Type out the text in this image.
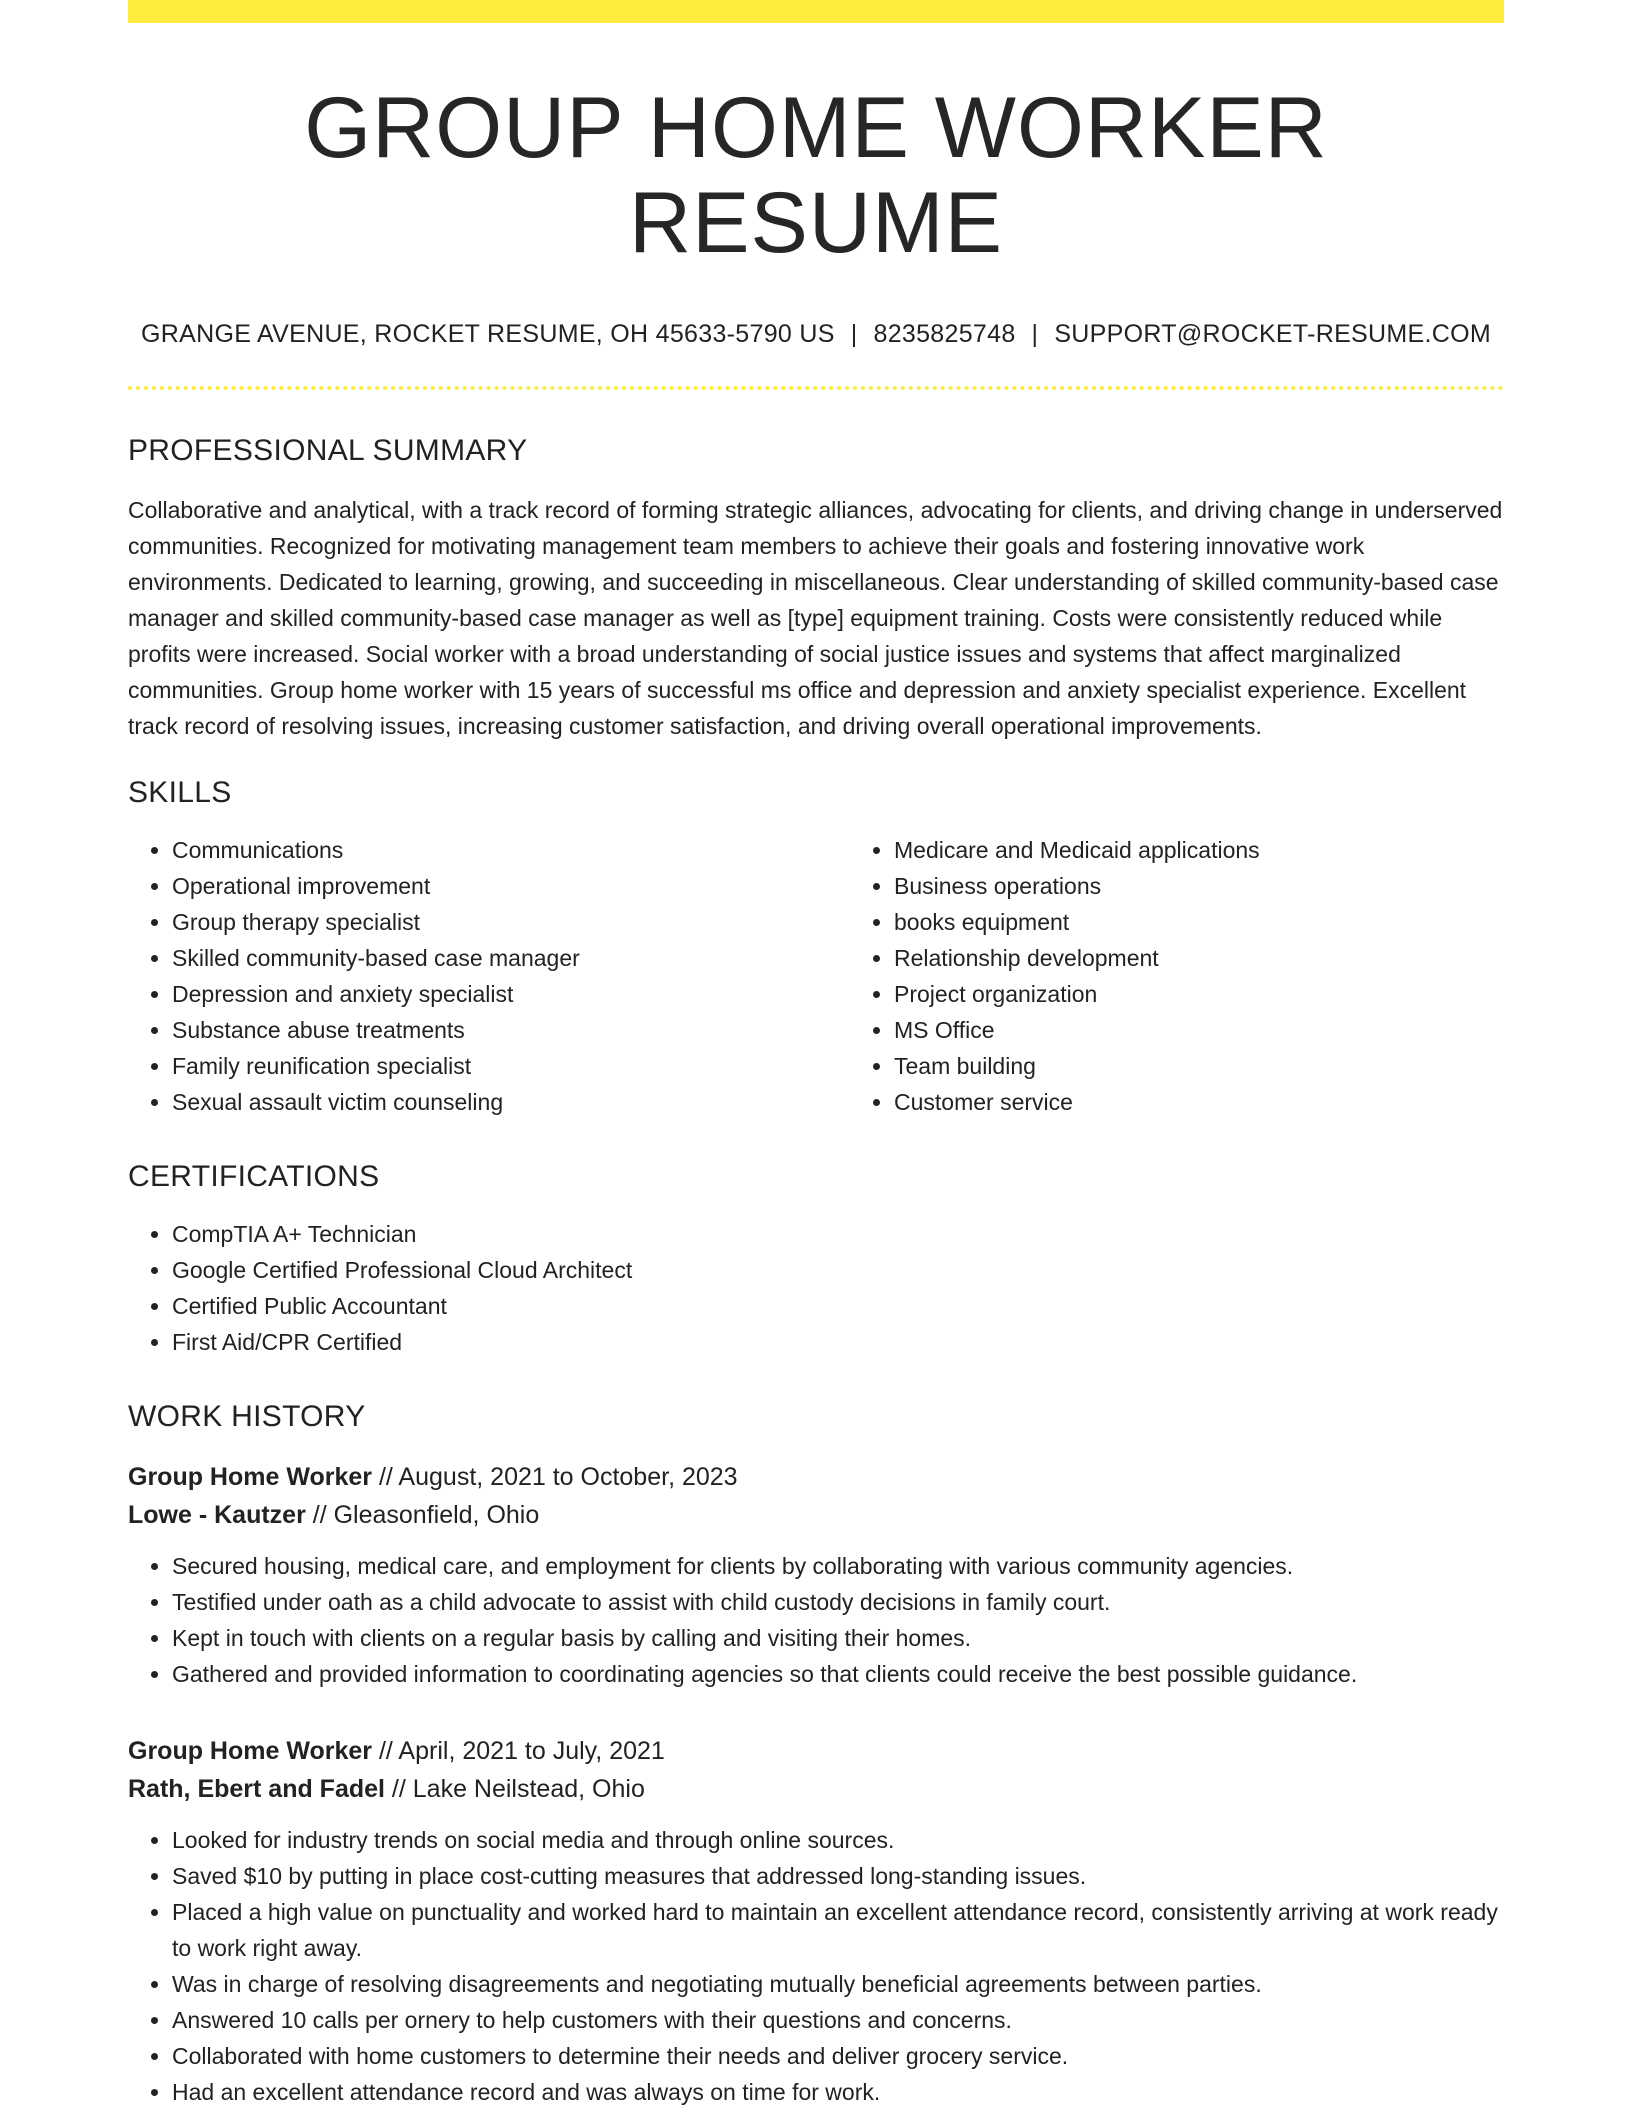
GROUP HOME WORKER RESUME
GRANGE AVENUE, ROCKET RESUME, OH 45633-5790 US | 8235825748 | SUPPORT@ROCKET-RESUME.COM
PROFESSIONAL SUMMARY
Collaborative and analytical, with a track record of forming strategic alliances, advocating for clients, and driving change in underserved communities. Recognized for motivating management team members to achieve their goals and fostering innovative work environments. Dedicated to learning, growing, and succeeding in miscellaneous. Clear understanding of skilled community-based case manager and skilled community-based case manager as well as [type] equipment training. Costs were consistently reduced while profits were increased. Social worker with a broad understanding of social justice issues and systems that affect marginalized communities. Group home worker with 15 years of successful ms office and depression and anxiety specialist experience. Excellent track record of resolving issues, increasing customer satisfaction, and driving overall operational improvements.
SKILLS
• Communications
• Operational improvement
• Group therapy specialist
• Skilled community-based case manager
• Depression and anxiety specialist
• Substance abuse treatments
• Family reunification specialist
• Sexual assault victim counseling
• Medicare and Medicaid applications
• Business operations
• books equipment
• Relationship development
• Project organization
• MS Office
• Team building
• Customer service
CERTIFICATIONS
• CompTIA A+ Technician
• Google Certified Professional Cloud Architect
• Certified Public Accountant
• First Aid/CPR Certified
WORK HISTORY
Group Home Worker // August, 2021 to October, 2023
Lowe - Kautzer // Gleasonfield, Ohio
• Secured housing, medical care, and employment for clients by collaborating with various community agencies.
• Testified under oath as a child advocate to assist with child custody decisions in family court.
• Kept in touch with clients on a regular basis by calling and visiting their homes.
• Gathered and provided information to coordinating agencies so that clients could receive the best possible guidance.
Group Home Worker // April, 2021 to July, 2021
Rath, Ebert and Fadel // Lake Neilstead, Ohio
• Looked for industry trends on social media and through online sources.
• Saved $10 by putting in place cost-cutting measures that addressed long-standing issues.
• Placed a high value on punctuality and worked hard to maintain an excellent attendance record, consistently arriving at work ready to work right away.
• Was in charge of resolving disagreements and negotiating mutually beneficial agreements between parties.
• Answered 10 calls per ornery to help customers with their questions and concerns.
• Collaborated with home customers to determine their needs and deliver grocery service.
• Had an excellent attendance record and was always on time for work.
